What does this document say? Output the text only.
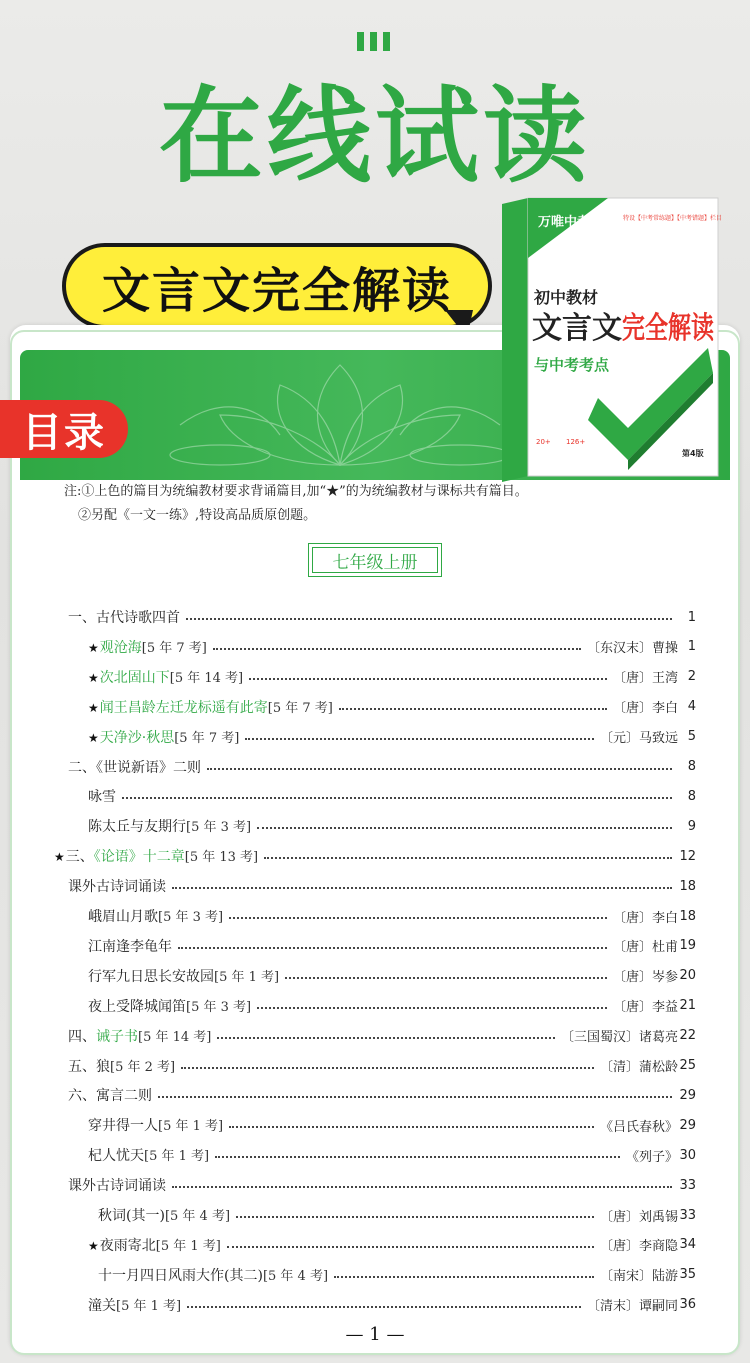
在线试读
文言文完全解读
目录
万唯中考	特设【中考常练题】【中考错题】栏目
初中教材
文言文 完全解读
与中考考点
20+ 126+
第4版
注:①上色的篇目为统编教材要求背诵篇目,加“★”的为统编教材与课标共有篇目。
②另配《一文一练》,特设高品质原创题。
七年级上册
一、古代诗歌四首	1
★观沧海[5 年 7 考]	〔东汉末〕曹操 1
★次北固山下[5 年 14 考]	〔唐〕王湾 2
★闻王昌龄左迁龙标遥有此寄[5 年 7 考]	〔唐〕李白 4
★天净沙·秋思[5 年 7 考]	〔元〕马致远 5
二、《世说新语》二则	8
咏雪	8
陈太丘与友期行[5 年 3 考]	9
★三、《论语》十二章[5 年 13 考]	12
课外古诗词诵读	18
峨眉山月歌[5 年 3 考]	〔唐〕李白 18
江南逢李龟年	〔唐〕杜甫 19
行军九日思长安故园[5 年 1 考]	〔唐〕岑参 20
夜上受降城闻笛[5 年 3 考]	〔唐〕李益 21
四、诫子书[5 年 14 考]	〔三国蜀汉〕诸葛亮 22
五、狼[5 年 2 考]	〔清〕蒲松龄 25
六、寓言二则	29
穿井得一人[5 年 1 考]	《吕氏春秋》 29
杞人忧天[5 年 1 考]	《列子》 30
课外古诗词诵读	33
秋词(其一)[5 年 4 考]	〔唐〕刘禹锡 33
★夜雨寄北[5 年 1 考]	〔唐〕李商隐 34
十一月四日风雨大作(其二)[5 年 4 考]	〔南宋〕陆游 35
潼关[5 年 1 考]	〔清末〕谭嗣同 36
— 1 —
